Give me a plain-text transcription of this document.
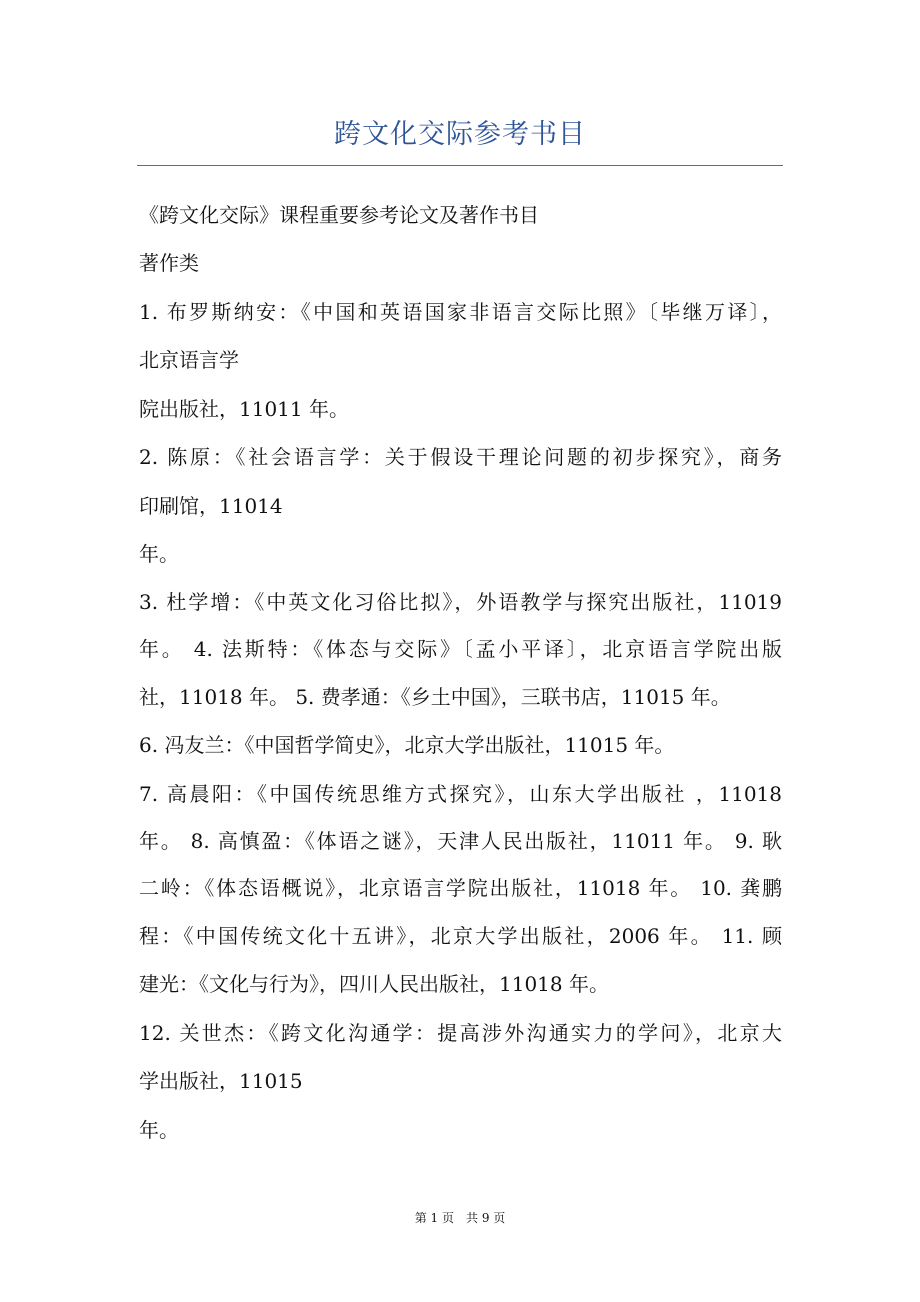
跨文化交际参考书目
《跨文化交际》课程重要参考论文及著作书目
著作类
1. 布罗斯纳安：《中国和英语国家非语言交际比照》〔毕继万译〕，
北京语言学
院出版社，11011 年。
2. 陈原：《社会语言学：关于假设干理论问题的初步探究》，商务
印刷馆，11014
年。
3. 杜学增：《中英文化习俗比拟》，外语教学与探究出版社，11019
年。 4. 法斯特：《体态与交际》〔孟小平译〕，北京语言学院出版
社，11018 年。 5. 费孝通：《乡土中国》，三联书店，11015 年。
6. 冯友兰：《中国哲学简史》，北京大学出版社，11015 年。
7. 高晨阳：《中国传统思维方式探究》，山东大学出版社 ，11018
年。 8. 高慎盈：《体语之谜》，天津人民出版社，11011 年。 9. 耿
二岭：《体态语概说》，北京语言学院出版社，11018 年。 10. 龚鹏
程：《中国传统文化十五讲》，北京大学出版社，2006 年。 11. 顾
建光：《文化与行为》，四川人民出版社，11018 年。
12. 关世杰：《跨文化沟通学：提高涉外沟通实力的学问》，北京大
学出版社，11015
年。
第 1 页　共 9 页
